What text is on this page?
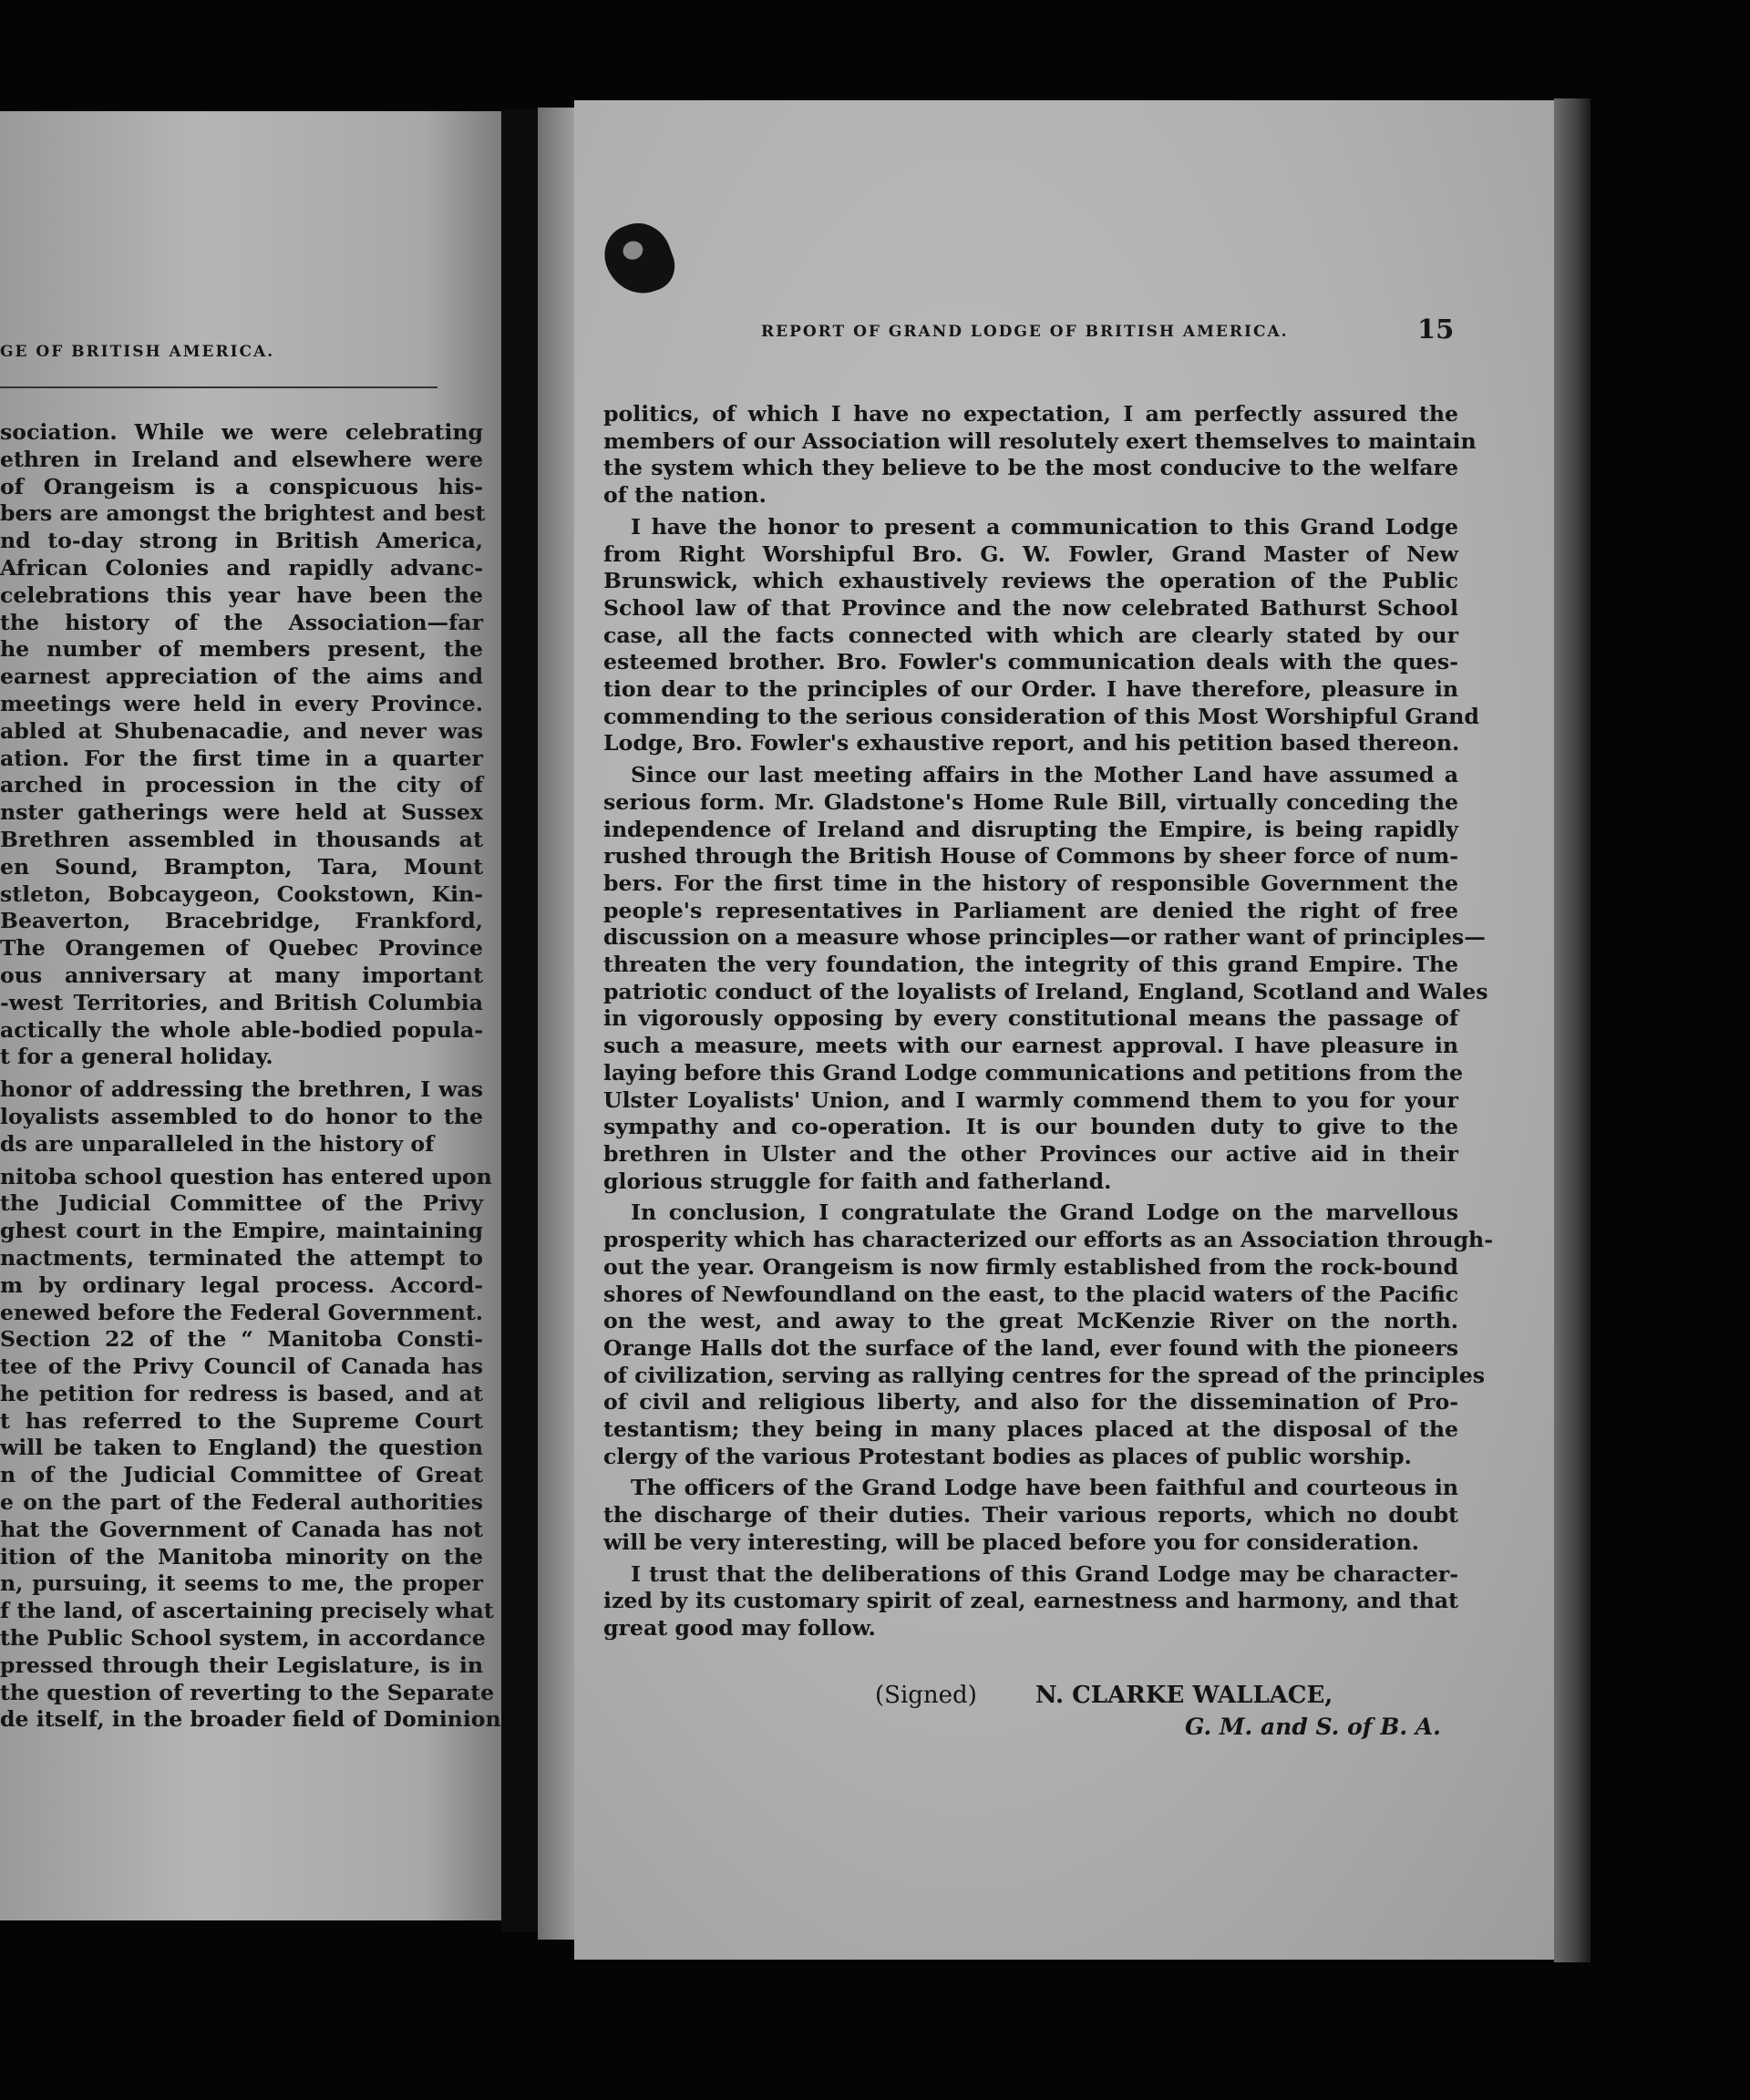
GE OF BRITISH AMERICA.
REPORT OF GRAND LODGE OF BRITISH AMERICA.	15
sociation. While we were celebrating
ethren in Ireland and elsewhere were
of Orangeism is a conspicuous his-
bers are amongst the brightest and best
nd to-day strong in British America,
African Colonies and rapidly advanc-
celebrations this year have been the
the history of the Association—far
he number of members present, the
earnest appreciation of the aims and
meetings were held in every Province.
abled at Shubenacadie, and never was
ation. For the first time in a quarter
arched in procession in the city of
nster gatherings were held at Sussex
Brethren assembled in thousands at
en Sound, Brampton, Tara, Mount
stleton, Bobcaygeon, Cookstown, Kin-
Beaverton, Bracebridge, Frankford,
The Orangemen of Quebec Province
ous anniversary at many important
-west Territories, and British Columbia
actically the whole able-bodied popula-
t for a general holiday.
honor of addressing the brethren, I was
loyalists assembled to do honor to the
ds are unparalleled in the history of
nitoba school question has entered upon
the Judicial Committee of the Privy
ghest court in the Empire, maintaining
nactments, terminated the attempt to
m by ordinary legal process. Accord-
enewed before the Federal Government.
Section 22 of the “ Manitoba Consti-
tee of the Privy Council of Canada has
he petition for redress is based, and at
t has referred to the Supreme Court
will be taken to England) the question
n of the Judicial Committee of Great
e on the part of the Federal authorities
hat the Government of Canada has not
ition of the Manitoba minority on the
n, pursuing, it seems to me, the proper
f the land, of ascertaining precisely what
the Public School system, in accordance
pressed through their Legislature, is in
the question of reverting to the Separate
de itself, in the broader field of Dominion

politics, of which I have no expectation, I am perfectly assured the
members of our Association will resolutely exert themselves to maintain
the system which they believe to be the most conducive to the welfare
of the nation.

I have the honor to present a communication to this Grand Lodge
from Right Worshipful Bro. G. W. Fowler, Grand Master of New
Brunswick, which exhaustively reviews the operation of the Public
School law of that Province and the now celebrated Bathurst School
case, all the facts connected with which are clearly stated by our
esteemed brother. Bro. Fowler's communication deals with the ques-
tion dear to the principles of our Order. I have therefore, pleasure in
commending to the serious consideration of this Most Worshipful Grand
Lodge, Bro. Fowler's exhaustive report, and his petition based thereon.

Since our last meeting affairs in the Mother Land have assumed a
serious form. Mr. Gladstone's Home Rule Bill, virtually conceding the
independence of Ireland and disrupting the Empire, is being rapidly
rushed through the British House of Commons by sheer force of num-
bers. For the first time in the history of responsible Government the
people's representatives in Parliament are denied the right of free
discussion on a measure whose principles—or rather want of principles—
threaten the very foundation, the integrity of this grand Empire. The
patriotic conduct of the loyalists of Ireland, England, Scotland and Wales
in vigorously opposing by every constitutional means the passage of
such a measure, meets with our earnest approval. I have pleasure in
laying before this Grand Lodge communications and petitions from the
Ulster Loyalists' Union, and I warmly commend them to you for your
sympathy and co-operation. It is our bounden duty to give to the
brethren in Ulster and the other Provinces our active aid in their
glorious struggle for faith and fatherland.

In conclusion, I congratulate the Grand Lodge on the marvellous
prosperity which has characterized our efforts as an Association through-
out the year. Orangeism is now firmly established from the rock-bound
shores of Newfoundland on the east, to the placid waters of the Pacific
on the west, and away to the great McKenzie River on the north.
Orange Halls dot the surface of the land, ever found with the pioneers
of civilization, serving as rallying centres for the spread of the principles
of civil and religious liberty, and also for the dissemination of Pro-
testantism; they being in many places placed at the disposal of the
clergy of the various Protestant bodies as places of public worship.

The officers of the Grand Lodge have been faithful and courteous in
the discharge of their duties. Their various reports, which no doubt
will be very interesting, will be placed before you for consideration.

I trust that the deliberations of this Grand Lodge may be character-
ized by its customary spirit of zeal, earnestness and harmony, and that
great good may follow.

(Signed) N. CLARKE WALLACE,
G. M. and S. of B. A.
